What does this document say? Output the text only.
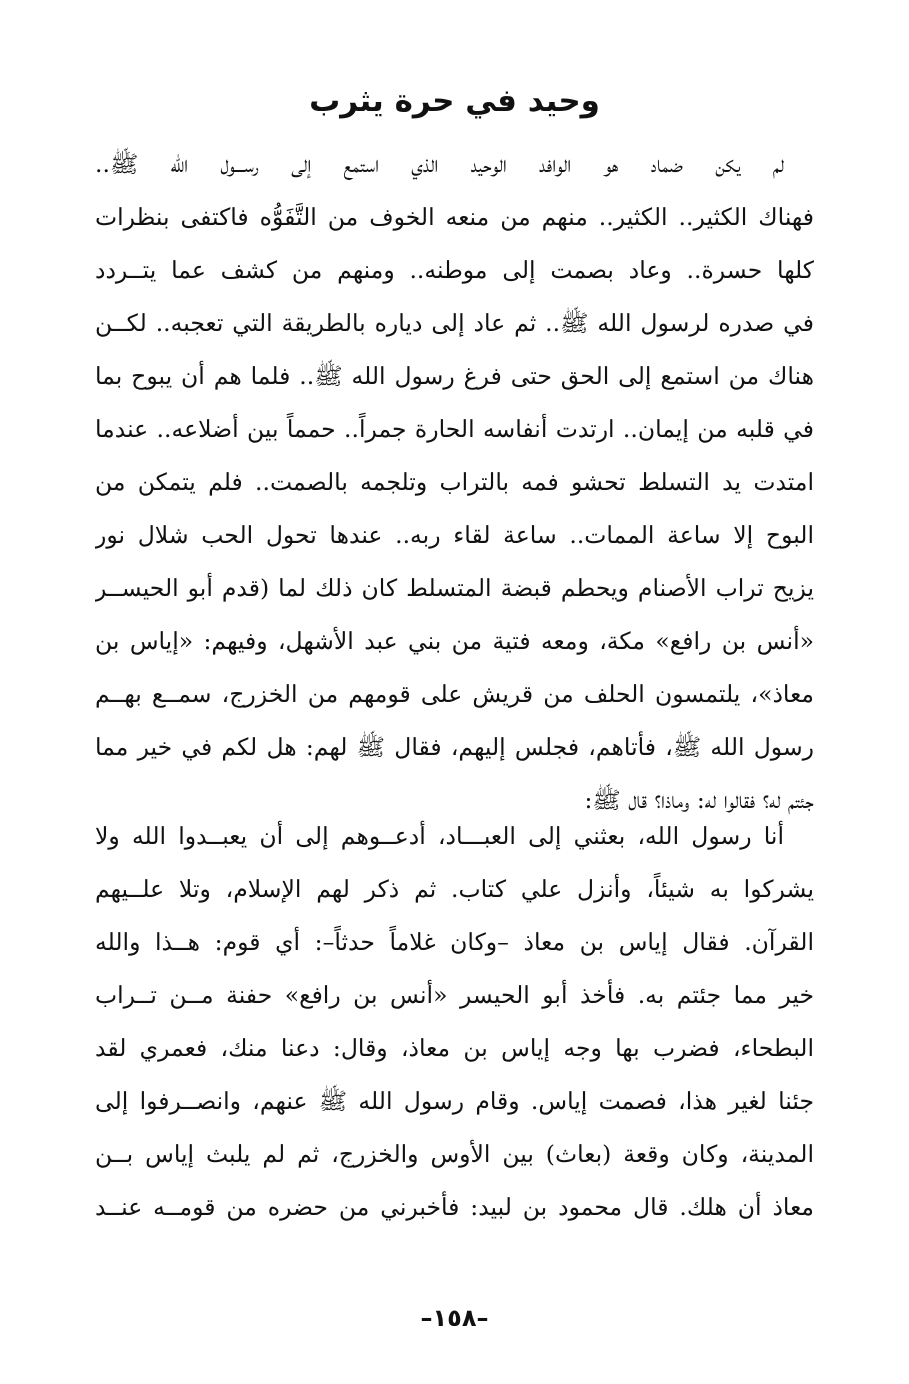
وحيد في حرة يثرب
لم يكن ضماد هو الوافد الوحيد الذي استمع إلى رســـول الله ﷺ..
فهناك الكثير.. الكثير.. منهم من منعه الخوف من التَّفَوُّه فاكتفى بنظرات
كلها حسرة.. وعاد بصمت إلى موطنه.. ومنهم من كشف عما يتــردد
في صدره لرسول الله ﷺ.. ثم عاد إلى دياره بالطريقة التي تعجبه.. لكــن
هناك من استمع إلى الحق حتى فرغ رسول الله ﷺ.. فلما هم أن يبوح بما
في قلبه من إيمان.. ارتدت أنفاسه الحارة جمراً.. حمماً بين أضلاعه.. عندما
امتدت يد التسلط تحشو فمه بالتراب وتلجمه بالصمت.. فلم يتمكن من
البوح إلا ساعة الممات.. ساعة لقاء ربه.. عندها تحول الحب شلال نور
يزيح تراب الأصنام ويحطم قبضة المتسلط كان ذلك لما (قدم أبو الحيســر
«أنس بن رافع» مكة، ومعه فتية من بني عبد الأشهل، وفيهم: «إياس بن
معاذ»، يلتمسون الحلف من قريش على قومهم من الخزرج، سمــع بهــم
رسول الله ﷺ، فأتاهم، فجلس إليهم، فقال ﷺ لهم: هل لكم في خير مما
جئتم له؟ فقالوا له: وماذا؟ قال ﷺ:
أنا رسول الله، بعثني إلى العبـــاد، أدعــوهم إلى أن يعبــدوا الله ولا
يشركوا به شيئاً، وأنزل علي كتاب. ثم ذكر لهم الإسلام، وتلا علــيهم
القرآن. فقال إياس بن معاذ –وكان غلاماً حدثاً–: أي قوم: هــذا والله
خير مما جئتم به. فأخذ أبو الحيسر «أنس بن رافع» حفنة مــن تــراب
البطحاء، فضرب بها وجه إياس بن معاذ، وقال: دعنا منك، فعمري لقد
جئنا لغير هذا، فصمت إياس. وقام رسول الله ﷺ عنهم، وانصــرفوا إلى
المدينة، وكان وقعة (بعاث) بين الأوس والخزرج، ثم لم يلبث إياس بــن
معاذ أن هلك. قال محمود بن لبيد: فأخبرني من حضره من قومــه عنــد
–١٥٨–
